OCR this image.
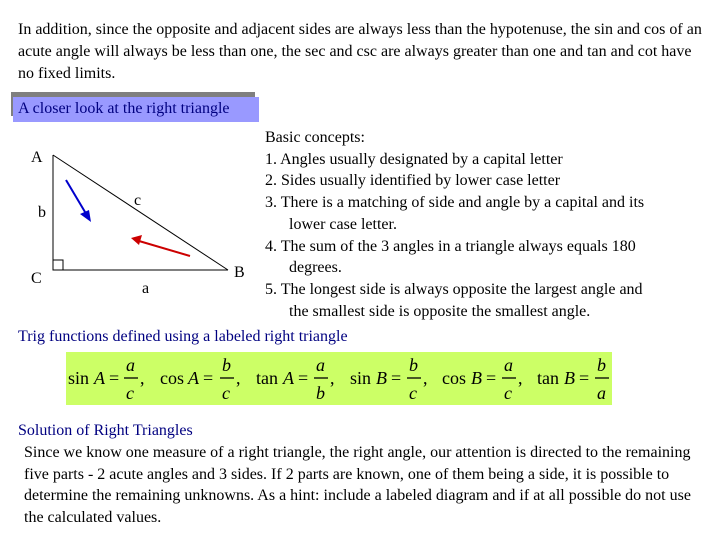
In addition, since the opposite and adjacent sides are always less than the hypotenuse, the sin and cos of an acute angle will always be less than one, the sec and csc are always greater than one and tan and cot have no fixed limits.
A closer look at the right triangle
A
b
C
c
a
B
Basic concepts:
1. Angles usually designated by a capital letter
2. Sides usually identified by lower case letter
3. There is a matching of side and angle by a capital and its
lower case letter.
4. The sum of the 3 angles in a triangle always equals 180
degrees.
5. The longest side is always opposite the largest angle and
the smallest side is opposite the smallest angle.
Trig functions defined using a labeled right triangle
sin A =
a
c
, cos A =
b
c
, tan A =
a
b
, sin B =
b
c
, cos B =
a
c
, tan B =
b
a
Solution of Right Triangles
Since we know one measure of a right triangle, the right angle, our attention is directed to the remaining five parts - 2 acute angles and 3 sides. If 2 parts are known, one of them being a side, it is possible to determine the remaining unknowns. As a hint: include a labeled diagram and if at all possible do not use the calculated values.
